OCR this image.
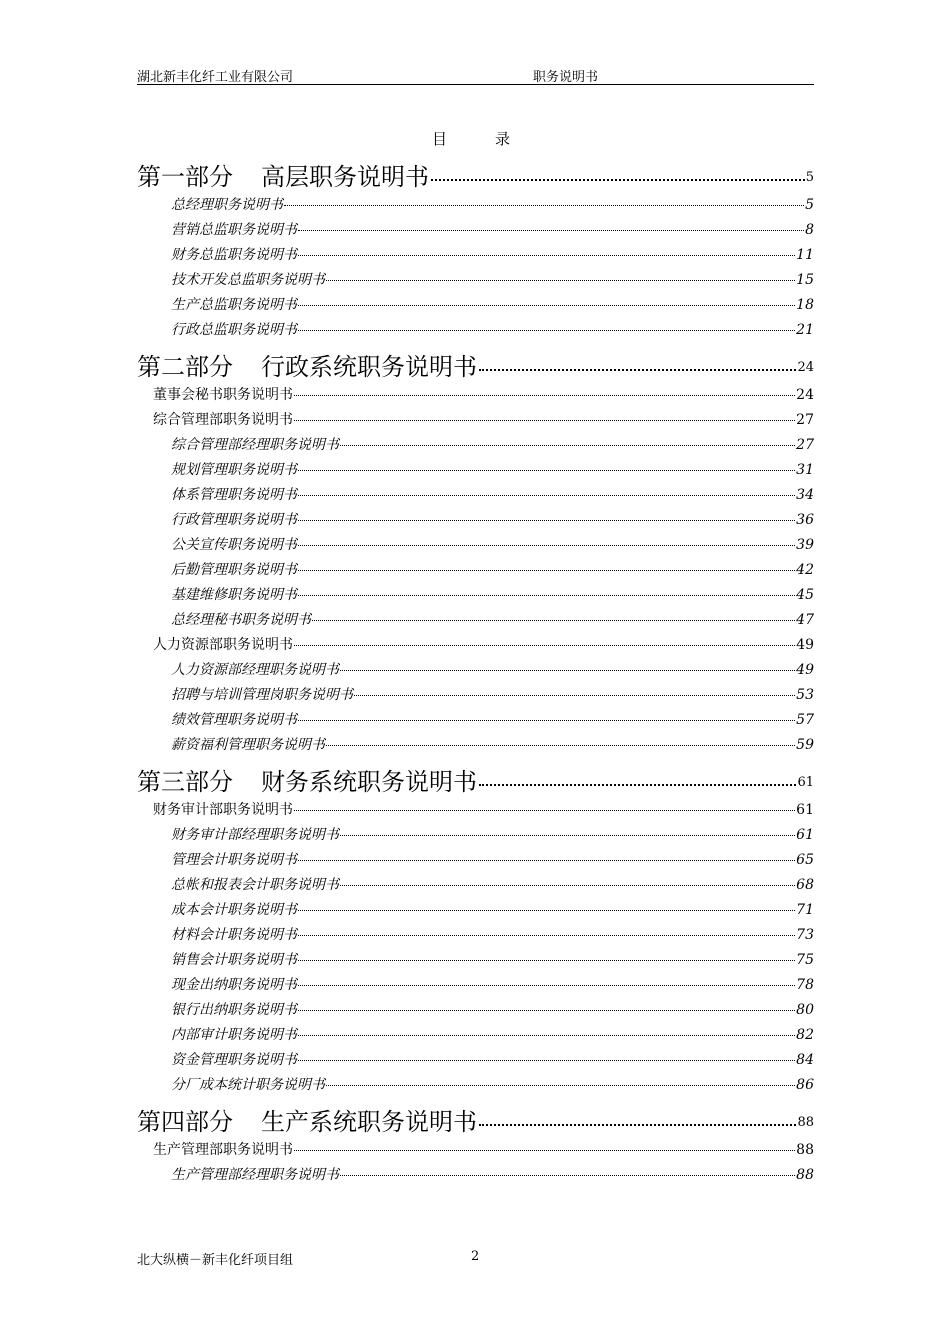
湖北新丰化纤工业有限公司	职务说明书
目	录
第一部分 高层职务说明书	5
总经理职务说明书	5
营销总监职务说明书	8
财务总监职务说明书	11
技术开发总监职务说明书	15
生产总监职务说明书	18
行政总监职务说明书	21
第二部分 行政系统职务说明书	24
董事会秘书职务说明书	24
综合管理部职务说明书	27
综合管理部经理职务说明书	27
规划管理职务说明书	31
体系管理职务说明书	34
行政管理职务说明书	36
公关宣传职务说明书	39
后勤管理职务说明书	42
基建维修职务说明书	45
总经理秘书职务说明书	47
人力资源部职务说明书	49
人力资源部经理职务说明书	49
招聘与培训管理岗职务说明书	53
绩效管理职务说明书	57
薪资福利管理职务说明书	59
第三部分 财务系统职务说明书	61
财务审计部职务说明书	61
财务审计部经理职务说明书	61
管理会计职务说明书	65
总帐和报表会计职务说明书	68
成本会计职务说明书	71
材料会计职务说明书	73
销售会计职务说明书	75
现金出纳职务说明书	78
银行出纳职务说明书	80
内部审计职务说明书	82
资金管理职务说明书	84
分厂成本统计职务说明书	86
第四部分 生产系统职务说明书	88
生产管理部职务说明书	88
生产管理部经理职务说明书	88
北大纵横－新丰化纤项目组	2
